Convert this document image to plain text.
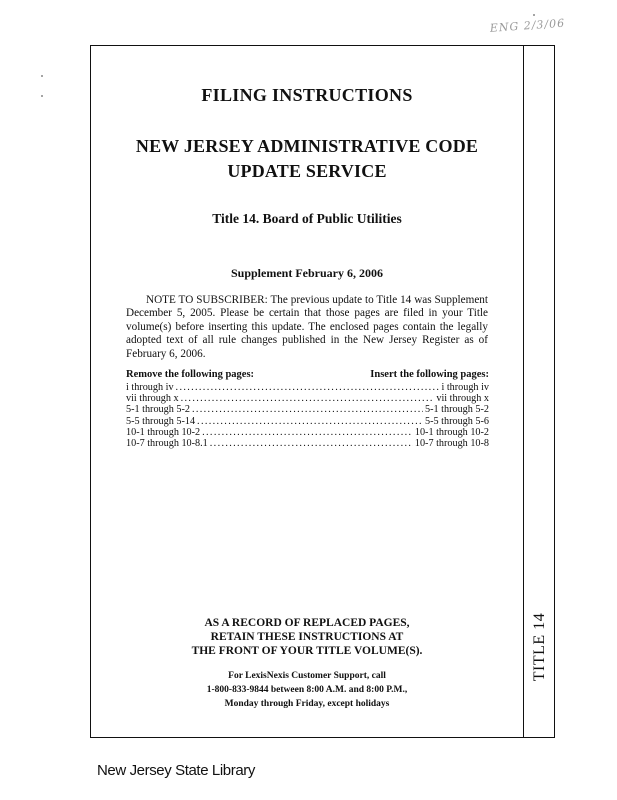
ENG 2/3/06
TITLE 14
FILING INSTRUCTIONS
NEW JERSEY ADMINISTRATIVE CODE
UPDATE SERVICE
Title 14. Board of Public Utilities
Supplement February 6, 2006
NOTE TO SUBSCRIBER: The previous update to Title 14 was Supplement December 5, 2005. Please be certain that those pages are filed in your Title volume(s) before inserting this update. The enclosed pages contain the legally adopted text of all rule changes published in the New Jersey Register as of February 6, 2006.
Remove the following pages:	Insert the following pages:
i through iv . . .	i through iv
vii through x . . .	vii through x
5-1 through 5-2 . . .	5-1 through 5-2
5-5 through 5-14 . . .	5-5 through 5-6
10-1 through 10-2 . . .	10-1 through 10-2
10-7 through 10-8.1 . . .	10-7 through 10-8
AS A RECORD OF REPLACED PAGES,
RETAIN THESE INSTRUCTIONS AT
THE FRONT OF YOUR TITLE VOLUME(S).
For LexisNexis Customer Support, call
1-800-833-9844 between 8:00 A.M. and 8:00 P.M.,
Monday through Friday, except holidays
New Jersey State Library
